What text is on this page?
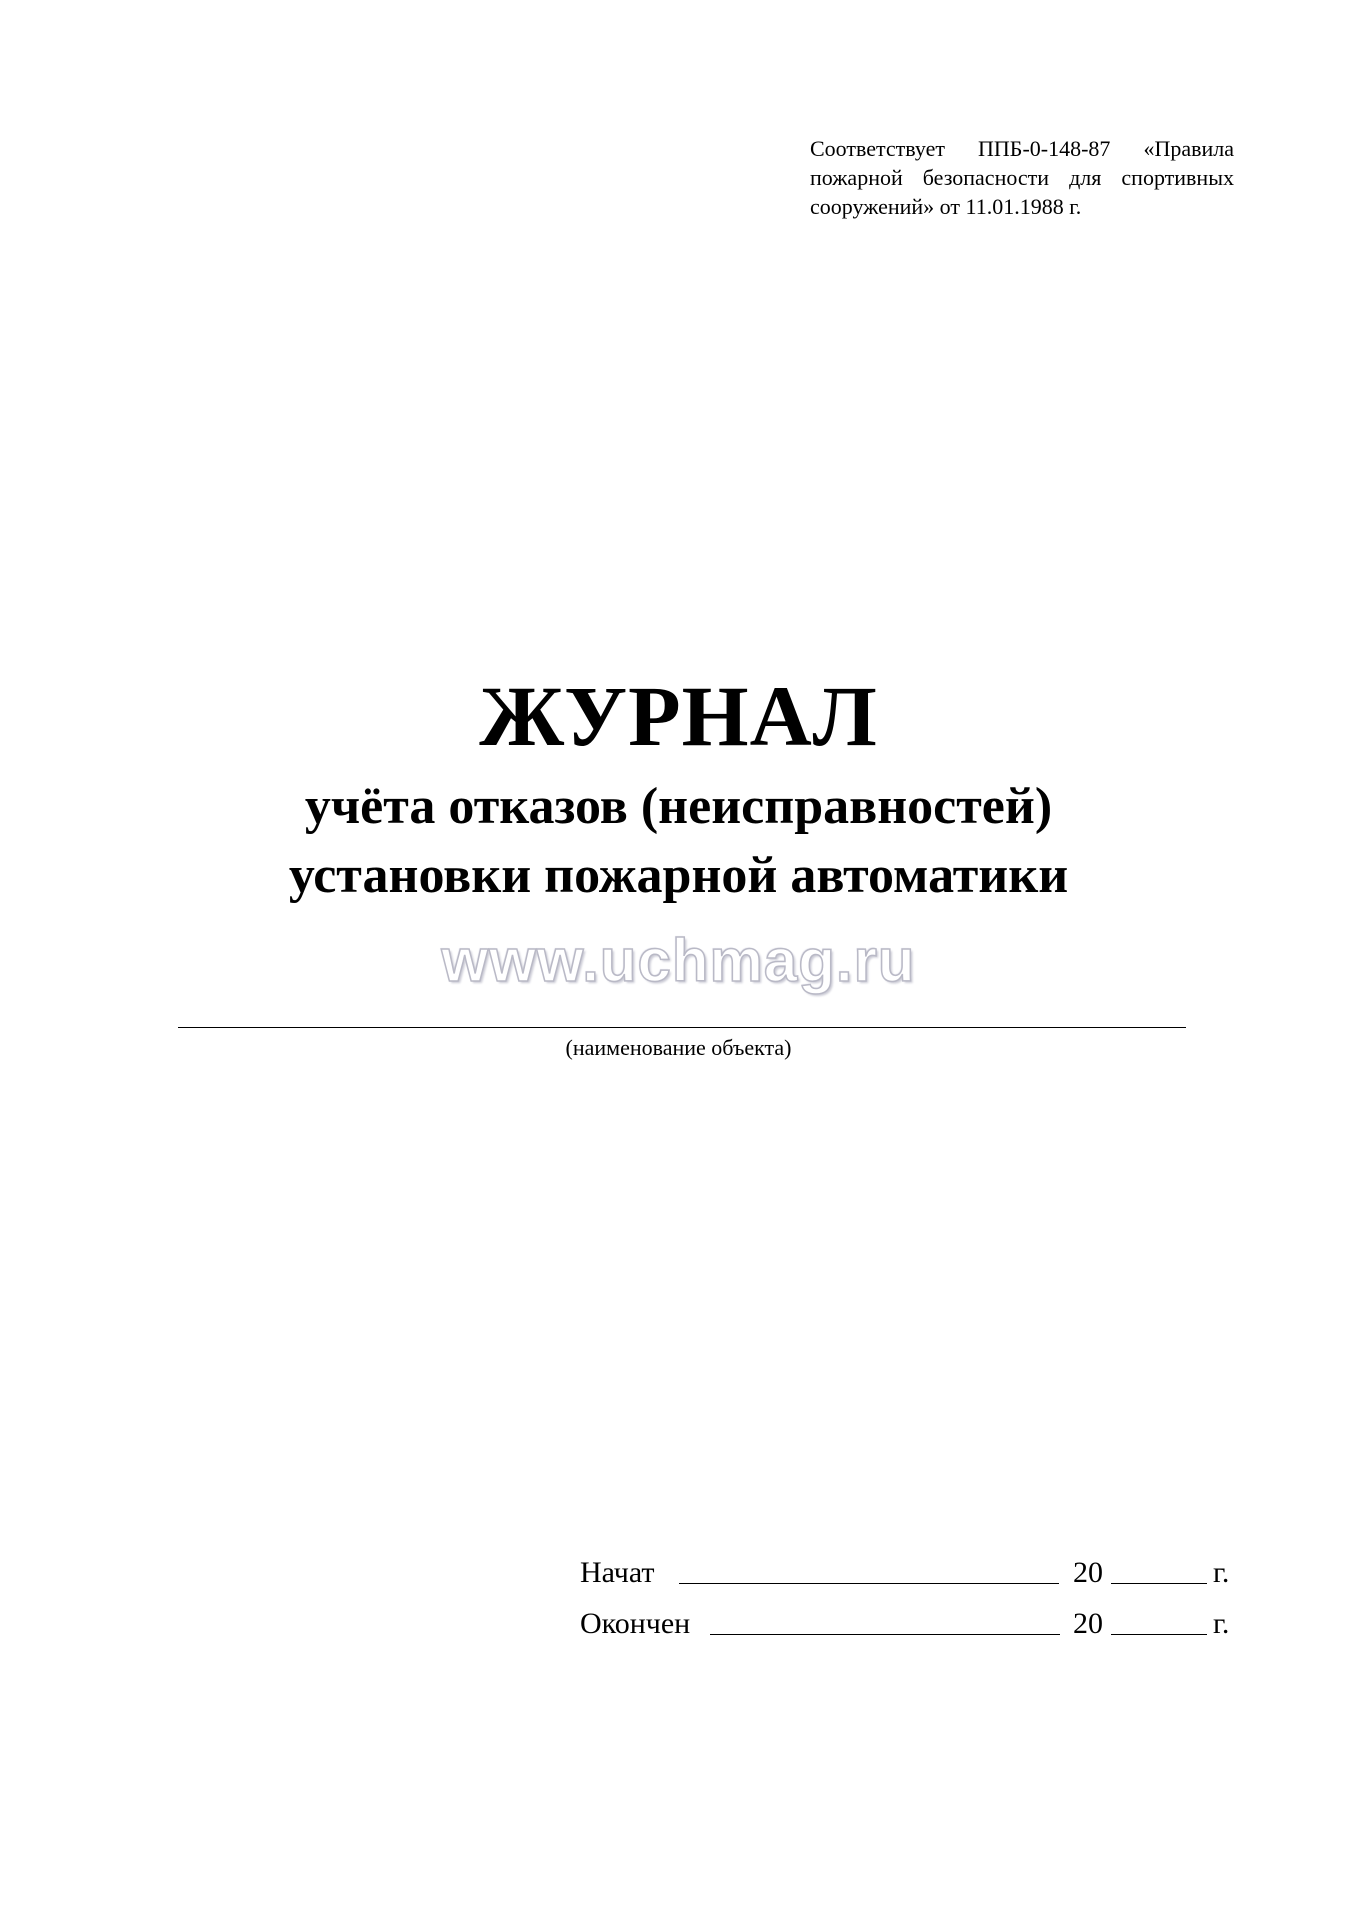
Соответствует ППБ-0-148-87 «Правила пожарной безопасности для спортивных сооружений» от 11.01.1988 г.
ЖУРНАЛ
учёта отказов (неисправностей)
установки пожарной автоматики
www.uchmag.ru
(наименование объекта)
Начат	20	г.
Окончен	20	г.
